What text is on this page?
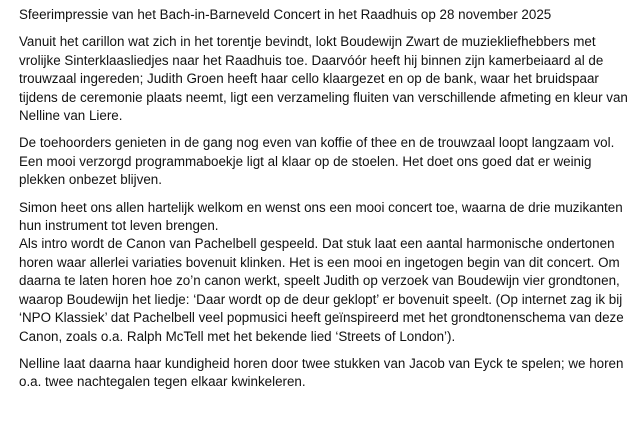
Sfeerimpressie van het Bach-in-Barneveld Concert in het Raadhuis op 28 november 2025

Vanuit het carillon wat zich in het torentje bevindt, lokt Boudewijn Zwart de muziekliefhebbers met vrolijke Sinterklaasliedjes naar het Raadhuis toe. Daarvóór heeft hij binnen zijn kamerbeiaard al de trouwzaal ingereden; Judith Groen heeft haar cello klaargezet en op de bank, waar het bruidspaar tijdens de ceremonie plaats neemt, ligt een verzameling fluiten van verschillende afmeting en kleur van Nelline van Liere.

De toehoorders genieten in de gang nog even van koffie of thee en de trouwzaal loopt langzaam vol. Een mooi verzorgd programmaboekje ligt al klaar op de stoelen. Het doet ons goed dat er weinig plekken onbezet blijven.

Simon heet ons allen hartelijk welkom en wenst ons een mooi concert toe, waarna de drie muzikanten hun instrument tot leven brengen.

Als intro wordt de Canon van Pachelbell gespeeld. Dat stuk laat een aantal harmonische ondertonen horen waar allerlei variaties bovenuit klinken. Het is een mooi en ingetogen begin van dit concert. Om daarna te laten horen hoe zo’n canon werkt, speelt Judith op verzoek van Boudewijn vier grondtonen, waarop Boudewijn het liedje: ‘Daar wordt op de deur geklopt’ er bovenuit speelt. (Op internet zag ik bij ‘NPO Klassiek’ dat Pachelbell veel popmusici heeft geïnspireerd met het grondtonenschema van deze Canon, zoals o.a. Ralph McTell met het bekende lied ‘Streets of London’).

Nelline laat daarna haar kundigheid horen door twee stukken van Jacob van Eyck te spelen; we horen o.a. twee nachtegalen tegen elkaar kwinkeleren.
